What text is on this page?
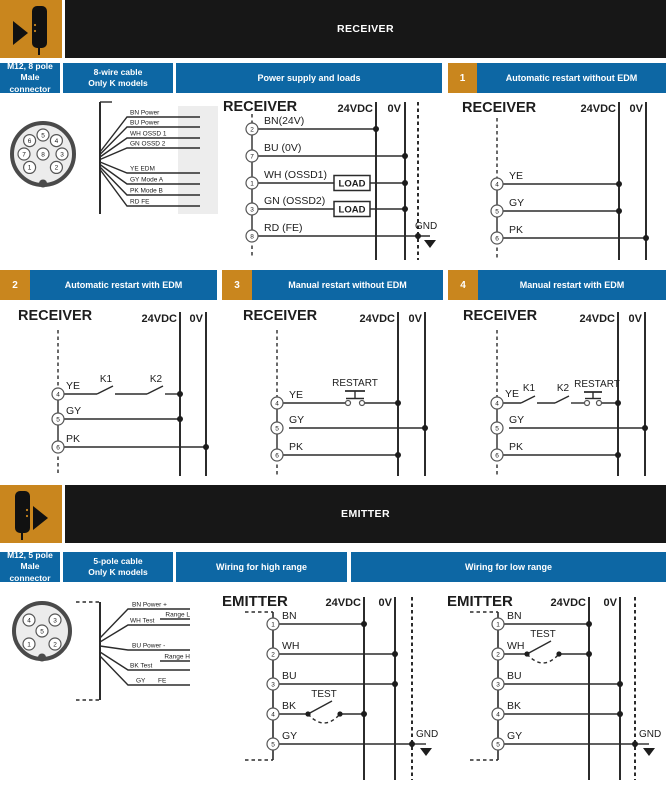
RECEIVER
M12, 8 pole
Male connector
8-wire cable
Only K models	Power supply and loads	1	Automatic restart without EDM
5
4
3
2
1
7
6
8
BN Power
BU Power
WH OSSD 1
GN OSSD 2
YE EDM
GY Mode A
PK Mode B
RD FE
RECEIVER	24VDC 0V
LOAD
LOAD
GND
2
7
1
3
8
BN(24V)
BU (0V)
WH (OSSD1)
GN (OSSD2)
RD (FE)
RECEIVER	24VDC 0V
4
5
6
YE
GY
PK
2	Automatic restart with EDM	3	Manual restart without EDM	4	Manual restart with EDM
RECEIVER	24VDC 0V
K1	K2
4
5
6
YE
GY
PK
RECEIVER	24VDC 0V
RESTART
4
5
6
YE
GY
PK
RECEIVER	24VDC 0V
K1 K2 RESTART
4
5
6
YE
GY
PK
EMITTER
M12, 5 pole
Male connector
5-pole cable
Only K models	Wiring for high range	Wiring for low range
4	3
5
1	2
BN Power +
Range L
WH Test
BU Power -
Range H
BK Test
GY FE
EMITTER	24VDC 0V
TEST
GND
1
2
3
4
5
BN
WH
BU
BK
GY
EMITTER	24VDC 0V
TEST
GND
1
2
3
4
5
BN
WH
BU
BK
GY
